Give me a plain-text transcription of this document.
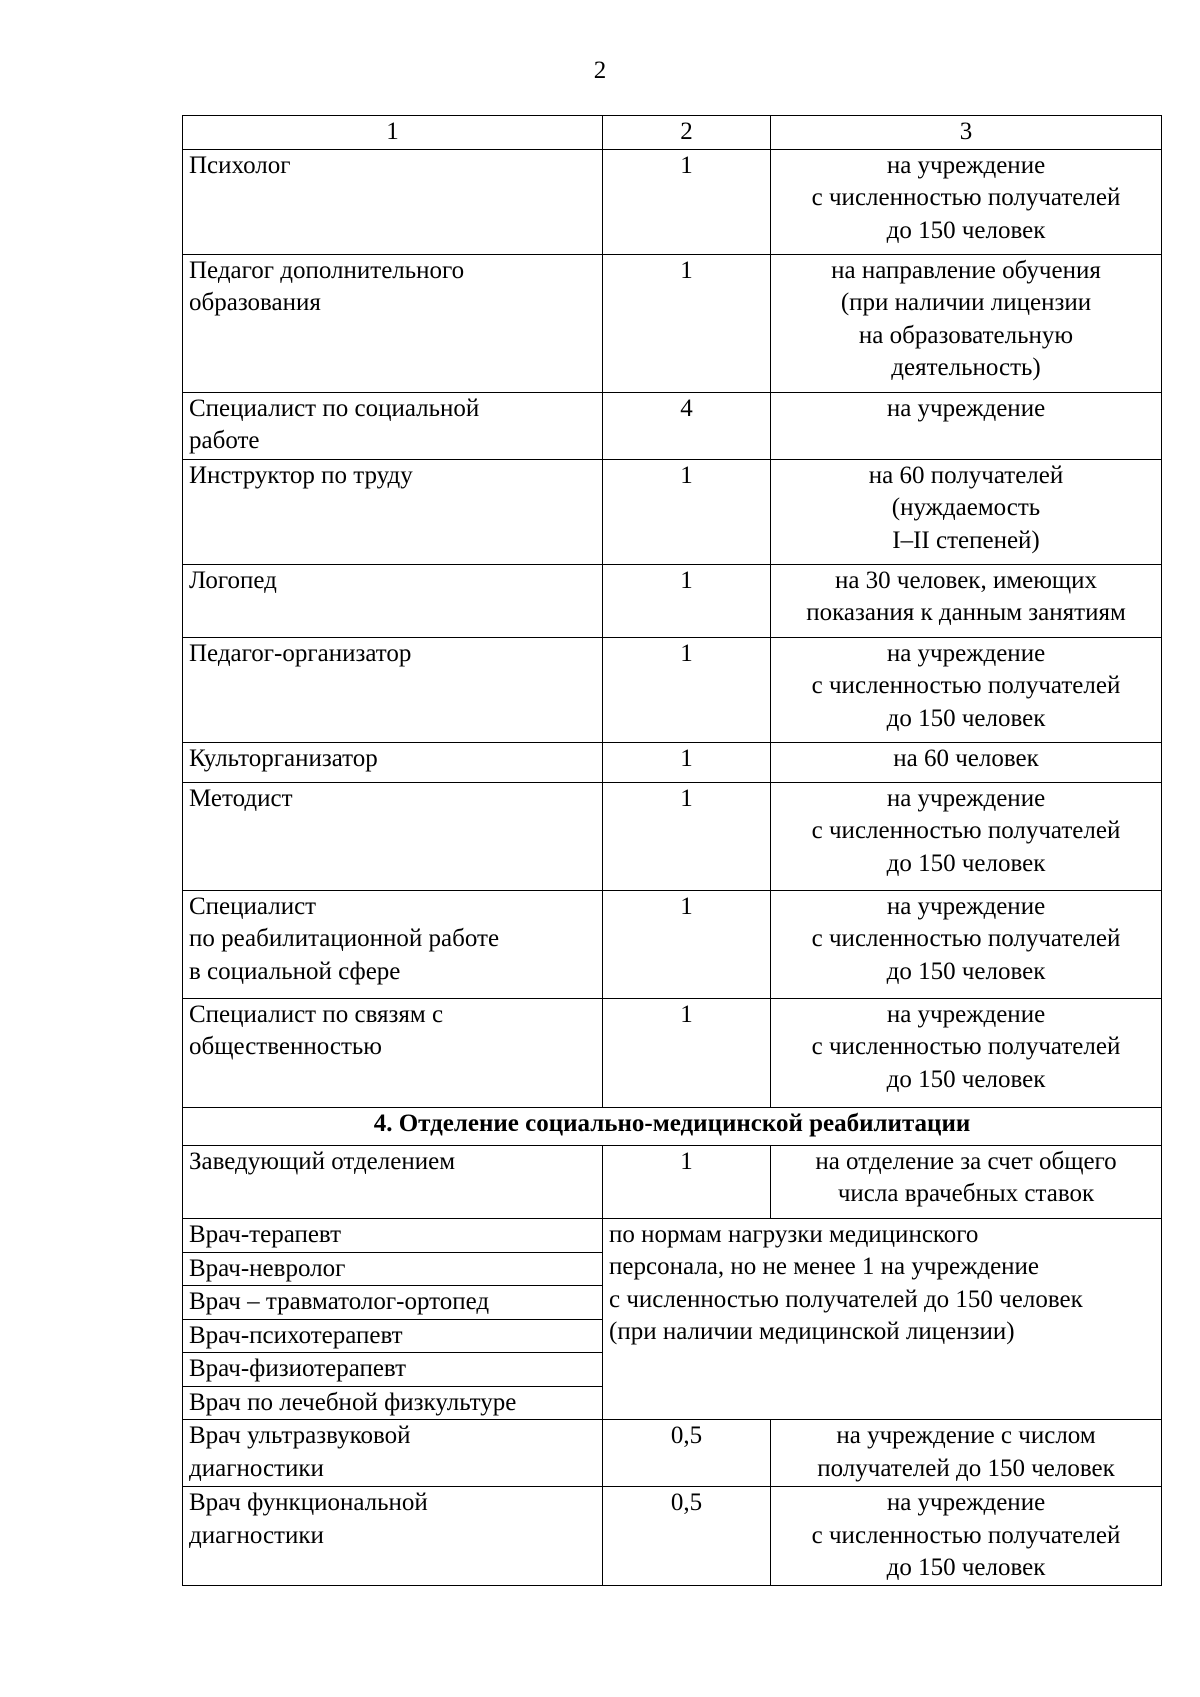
2
1	2	3
Психолог	1	на учреждение
с численностью получателей
до 150 человек
Педагог дополнительного
образования	1	на направление обучения
(при наличии лицензии
на образовательную
деятельность)
Специалист по социальной
работе	4	на учреждение
Инструктор по труду	1	на 60 получателей
(нуждаемость
I–II степеней)
Логопед	1	на 30 человек, имеющих
показания к данным занятиям
Педагог-организатор	1	на учреждение
с численностью получателей
до 150 человек
Культорганизатор	1	на 60 человек
Методист	1	на учреждение
с численностью получателей
до 150 человек
Специалист
по реабилитационной работе
в социальной сфере	1	на учреждение
с численностью получателей
до 150 человек
Специалист по связям с
общественностью	1	на учреждение
с численностью получателей
до 150 человек
4. Отделение социально-медицинской реабилитации		
Заведующий отделением	1	на отделение за счет общего
числа врачебных ставок
Врач-терапевт	по нормам нагрузки медицинского
персонала, но не менее 1 на учреждение
с численностью получателей до 150 человек
(при наличии медицинской лицензии)	
Врач-невролог		
Врач – травматолог-ортопед		
Врач-психотерапевт		
Врач-физиотерапевт		
Врач по лечебной физкультуре		
Врач ультразвуковой
диагностики	0,5	на учреждение с числом
получателей до 150 человек
Врач функциональной
диагностики	0,5	на учреждение
с численностью получателей
до 150 человек
